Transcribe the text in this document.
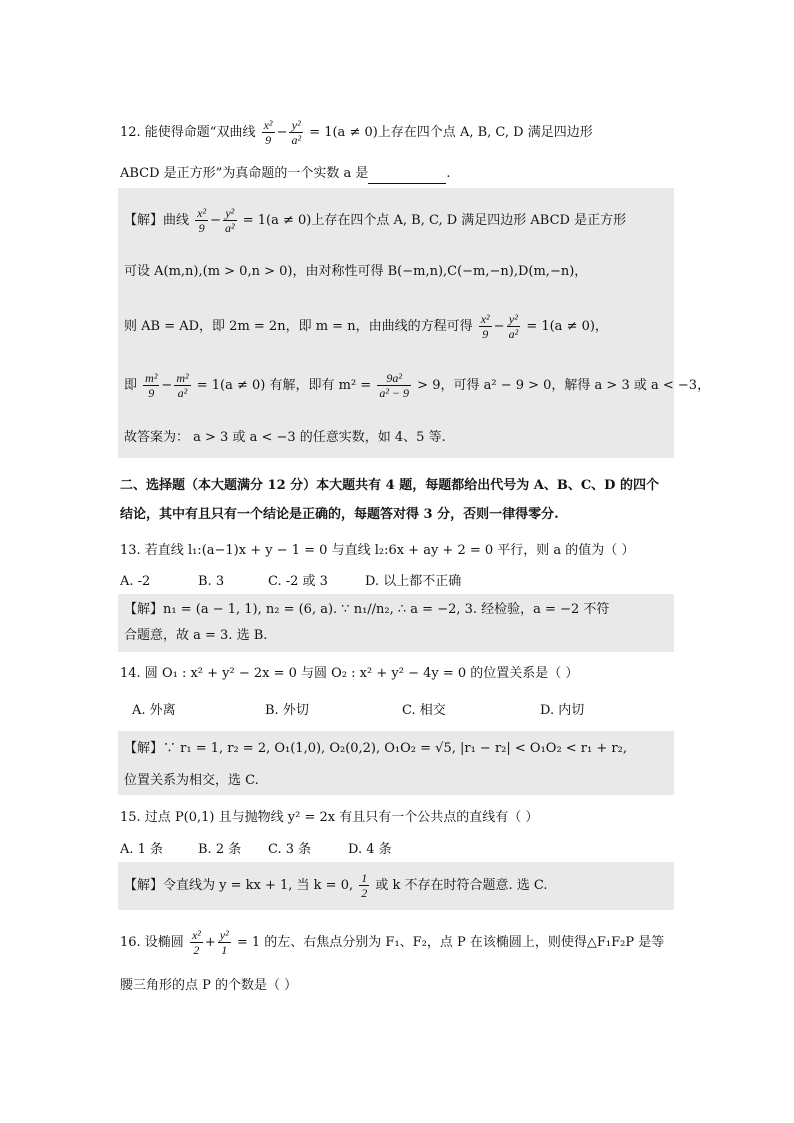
12. 能使得命题“双曲线 $\frac{\text{x²}}{9} - \frac{\text{y²}}{\text{a²}} = 1(a \ne 0)$上存在四个点 A, B, C, D 满足四边形
ABCD 是正方形”为真命题的一个实数 a 是	.
【解】曲线 $\frac{\text{x²}}{9} - \frac{\text{y²}}{\text{a²}} = 1(a \ne 0)$上存在四个点 A, B, C, D 满足四边形 ABCD 是正方形
可设 A(m,n),(m > 0,n > 0)，由对称性可得 B(−m,n),C(−m,−n),D(m,−n)，
则 AB = AD，即 2m = 2n，即 m = n，由曲线的方程可得 $\frac{\text{x²}}{9} - \frac{\text{y²}}{\text{a²}} = 1(a \ne 0)$，
即 $\frac{\text{m²}}{9} - \frac{\text{m²}}{\text{a²}} = 1(a \ne 0)$ 有解，即有 $m^2 = \frac{\text{9a²}}{\text{a² − 9}} > 9$，可得 a² − 9 > 0，解得 a > 3 或 a < −3，
故答案为： a > 3 或 a < −3 的任意实数，如 4、5 等.
二、选择题（本大题满分 12 分）本大题共有 4 题，每题都给出代号为 A、B、C、D 的四个
结论，其中有且只有一个结论是正确的，每题答对得 3 分，否则一律得零分.
13. 若直线 l₁:(a−1)x + y − 1 = 0 与直线 l₂:6x + ay + 2 = 0 平行，则 a 的值为（ ）
A. -2	B. 3	C. -2 或 3	D. 以上都不正确
【解】n₁ = (a − 1, 1), n₂ = (6, a). ∵ n₁//n₂, ∴ a = −2, 3. 经检验，a = −2 不符
合题意，故 a = 3. 选 B.
14. 圆 O₁ : x² + y² − 2x = 0 与圆 O₂ : x² + y² − 4y = 0 的位置关系是（ ）
A. 外离	B. 外切	C. 相交	D. 内切
【解】∵ r₁ = 1, r₂ = 2, O₁(1,0), O₂(0,2), O₁O₂ = √5, |r₁ − r₂| < O₁O₂ < r₁ + r₂,
位置关系为相交，选 C.
15. 过点 P(0,1) 且与抛物线 y² = 2x 有且只有一个公共点的直线有（ ）
A. 1 条	B. 2 条 C. 3 条	D. 4 条
【解】令直线为 y = kx + 1, 当 k = 0, $\frac{1}{2}$ 或 k 不存在时符合题意. 选 C.
16. 设椭圆 $\frac{\text{x²}}{2} + \frac{\text{y²}}{1} = 1$ 的左、右焦点分别为 F₁、F₂，点 P 在该椭圆上，则使得△F₁F₂P 是等
腰三角形的点 P 的个数是（ ）
